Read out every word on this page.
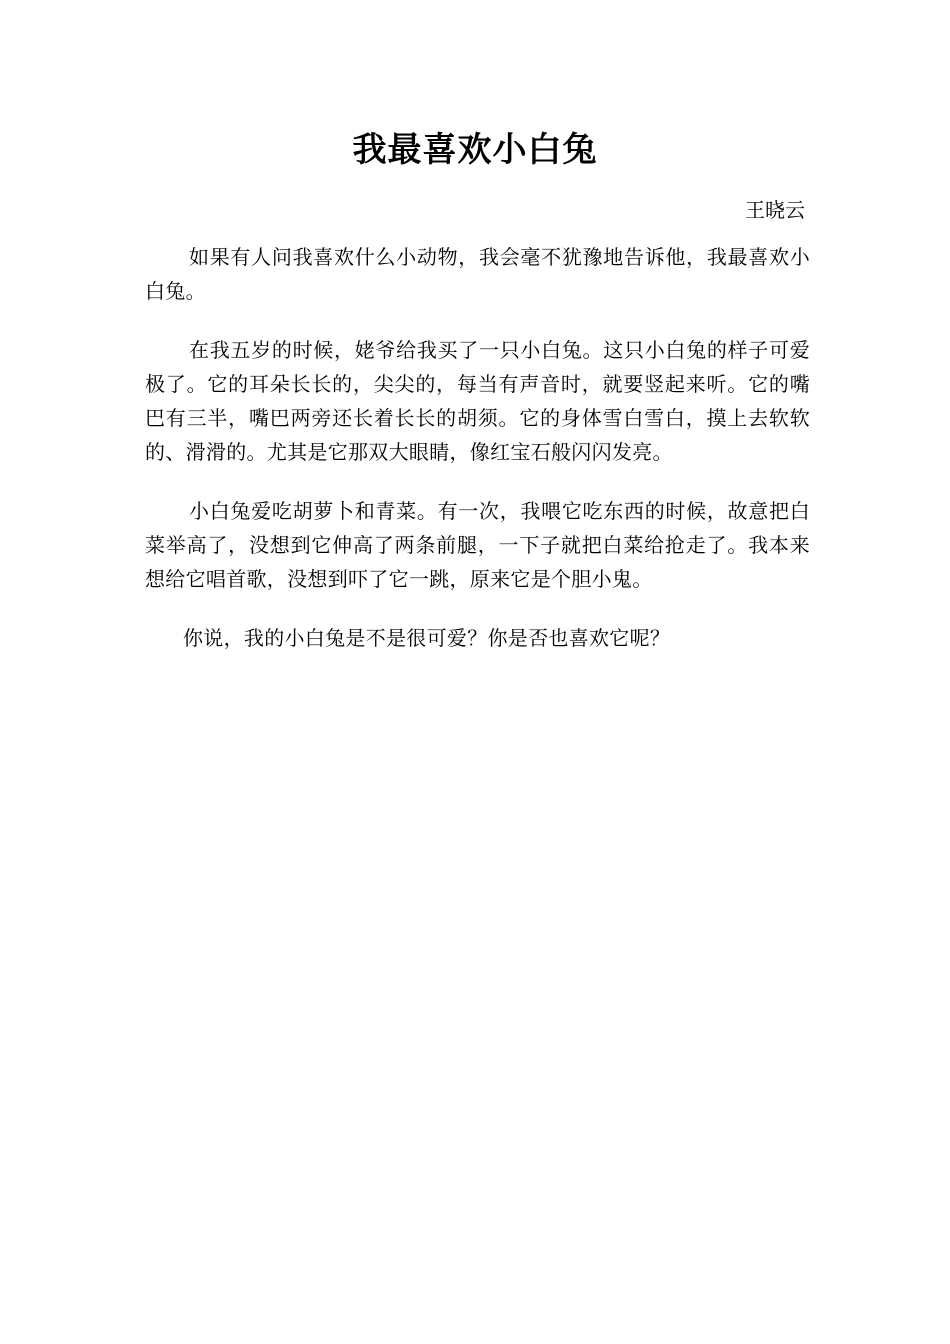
我最喜欢小白兔
王晓云

如果有人问我喜欢什么小动物，我会毫不犹豫地告诉他，我最喜欢小白兔。

在我五岁的时候，姥爷给我买了一只小白兔。这只小白兔的样子可爱极了。它的耳朵长长的，尖尖的，每当有声音时，就要竖起来听。它的嘴巴有三半，嘴巴两旁还长着长长的胡须。它的身体雪白雪白，摸上去软软的、滑滑的。尤其是它那双大眼睛，像红宝石般闪闪发亮。

小白兔爱吃胡萝卜和青菜。有一次，我喂它吃东西的时候，故意把白菜举高了，没想到它伸高了两条前腿，一下子就把白菜给抢走了。我本来想给它唱首歌，没想到吓了它一跳，原来它是个胆小鬼。

你说，我的小白兔是不是很可爱？你是否也喜欢它呢？
